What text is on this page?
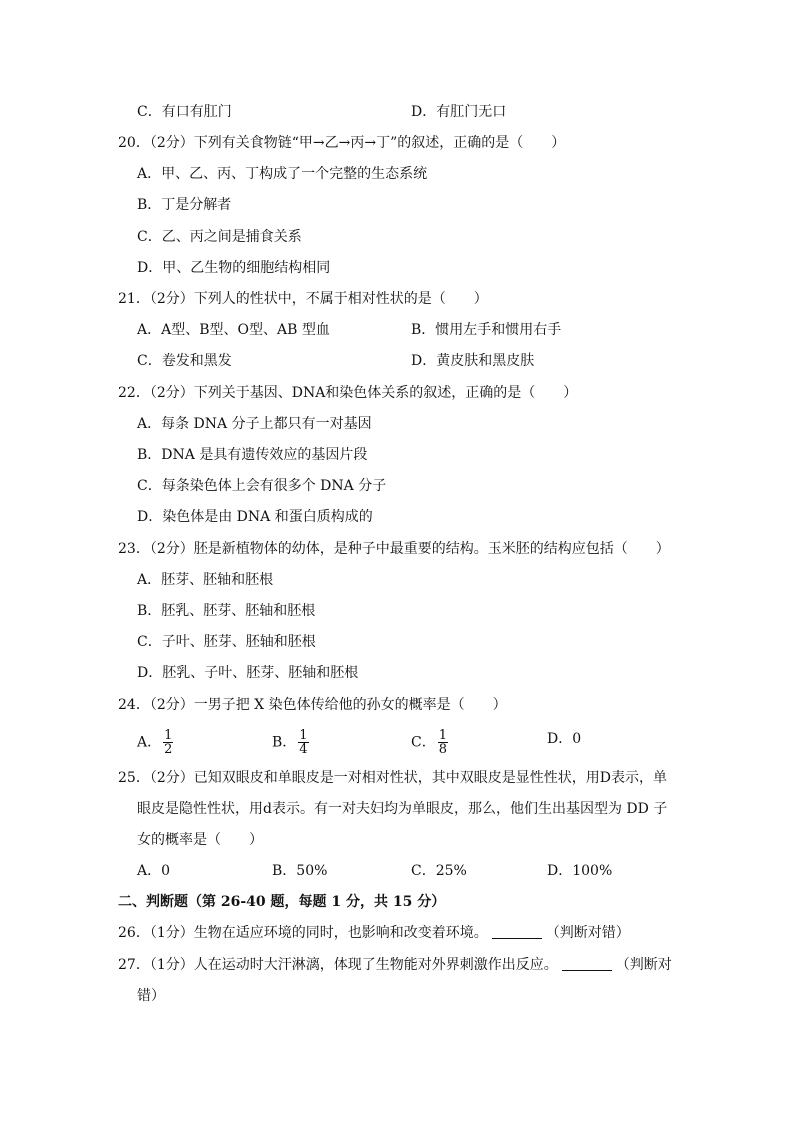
C．有口有肛门	D．有肛门无口
20．（2分）下列有关食物链“甲→乙→丙→丁”的叙述，正确的是（　　）
A．甲、乙、丙、丁构成了一个完整的生态系统
B．丁是分解者
C．乙、丙之间是捕食关系
D．甲、乙生物的细胞结构相同
21．（2分）下列人的性状中，不属于相对性状的是（　　）
A．A型、B型、O型、AB 型血	B．惯用左手和惯用右手
C．卷发和黑发	D．黄皮肤和黑皮肤
22．（2分）下列关于基因、DNA和染色体关系的叙述，正确的是（　　）
A．每条 DNA 分子上都只有一对基因
B．DNA 是具有遗传效应的基因片段
C．每条染色体上会有很多个 DNA 分子
D．染色体是由 DNA 和蛋白质构成的
23．（2分）胚是新植物体的幼体，是种子中最重要的结构。玉米胚的结构应包括（　　）
A．胚芽、胚轴和胚根
B．胚乳、胚芽、胚轴和胚根
C．子叶、胚芽、胚轴和胚根
D．胚乳、子叶、胚芽、胚轴和胚根
24．（2分）一男子把 X 染色体传给他的孙女的概率是（　　）
A． $\frac{1}{2}$	B． $\frac{1}{4}$	C． $\frac{1}{8}$	D．0
25．（2分）已知双眼皮和单眼皮是一对相对性状，其中双眼皮是显性性状，用D表示，单
眼皮是隐性性状，用d表示。有一对夫妇均为单眼皮，那么，他们生出基因型为 DD 子
女的概率是（　　）
A．0	B．50%	C．25%	D．100%
二、判断题（第 26-40 题，每题 1 分，共 15 分）
26．（1分）生物在适应环境的同时，也影响和改变着环境。	（判断对错）
27．（1分）人在运动时大汗淋漓，体现了生物能对外界刺激作出反应。	（判断对
错）
